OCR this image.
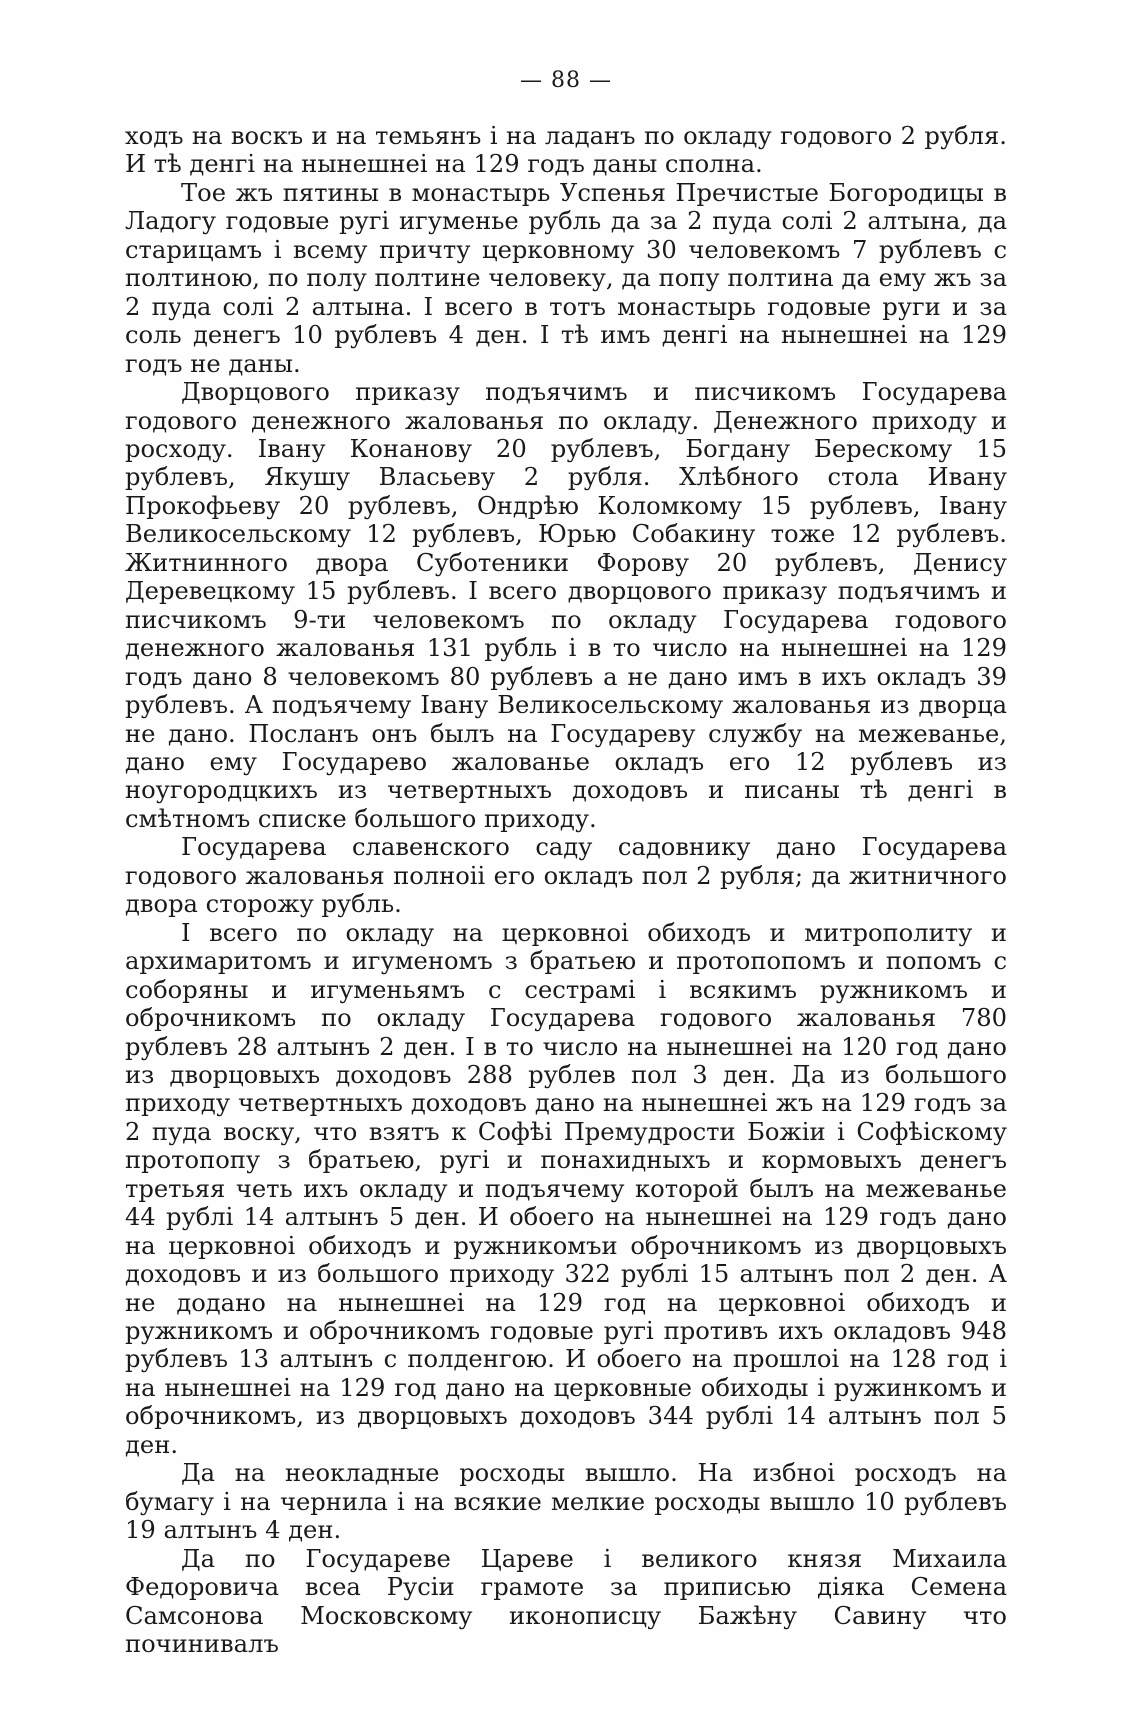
— 88 —

ходъ на воскъ и на темьянъ і на ладанъ по окладу годового 2 рубля. И тѣ денгі на нынешнеі на 129 годъ даны сполна.

Тое жъ пятины в монастырь Успенья Пречистые Богородицы в Ладогу годовые ругі игуменье рубль да за 2 пуда солі 2 алтына, да старицамъ і всему причту церковному 30 человекомъ 7 рублевъ с полтиною, по полу полтине человеку, да попу полтина да ему жъ за 2 пуда солі 2 алтына. І всего в тотъ монастырь годовые руги и за соль денегъ 10 рублевъ 4 ден. І тѣ имъ денгі на нынешнеі на 129 годъ не даны.

Дворцового приказу подъячимъ и писчикомъ Государева годового денежного жалованья по окладу. Денежного приходу и росходу. Івану Конанову 20 рублевъ, Богдану Берескому 15 рублевъ, Якушу Власьеву 2 рубля. Хлѣбного стола Ивану Прокофьеву 20 рублевъ, Ондрѣю Коломкому 15 рублевъ, Івану Великосельскому 12 рублевъ, Юрью Собакину тоже 12 рублевъ. Житнинного двора Суботеники Форову 20 рублевъ, Денису Деревецкому 15 рублевъ. І всего дворцового приказу подъячимъ и писчикомъ 9-ти человекомъ по окладу Государева годового денежного жалованья 131 рубль і в то число на нынешнеі на 129 годъ дано 8 человекомъ 80 рублевъ а не дано имъ в ихъ окладъ 39 рублевъ. А подъячему Івану Великосельскому жалованья из дворца не дано. Посланъ онъ былъ на Государеву службу на межеванье, дано ему Государево жалованье окладъ его 12 рублевъ из ноугородцкихъ из четвертныхъ доходовъ и писаны тѣ денгі в смѣтномъ списке большого приходу.

Государева славенского саду садовнику дано Государева годового жалованья полноіі его окладъ пол 2 рубля; да житничного двора сторожу рубль.

І всего по окладу на церковноі обиходъ и митрополиту и архимаритомъ и игуменомъ з братьею и протопопомъ и попомъ с соборяны и игуменьямъ с сестрамі і всякимъ ружникомъ и оброчникомъ по окладу Государева годового жалованья 780 рублевъ 28 алтынъ 2 ден. І в то число на нынешнеі на 120 год дано из дворцовыхъ доходовъ 288 рублев пол 3 ден. Да из большого приходу четвертныхъ доходовъ дано на нынешнеі жъ на 129 годъ за 2 пуда воску, что взятъ к Софѣі Премудрости Божіи і Софѣіскому протопопу з братьею, ругі и понахидныхъ и кормовыхъ денегъ третьяя четь ихъ окладу и подъячему которой былъ на межеванье 44 рублі 14 алтынъ 5 ден. И обоего на нынешнеі на 129 годъ дано на церковноі обиходъ и ружникомъи оброчникомъ из дворцовыхъ доходовъ и из большого приходу 322 рублі 15 алтынъ пол 2 ден. А не додано на нынешнеі на 129 год на церковноі обиходъ и ружникомъ и оброчникомъ годовые ругі противъ ихъ окладовъ 948 рублевъ 13 алтынъ с полденгою. И обоего на прошлоі на 128 год і на нынешнеі на 129 год дано на церковные обиходы і ружинкомъ и оброчникомъ, из дворцовыхъ доходовъ 344 рублі 14 алтынъ пол 5 ден.

Да на неокладные росходы вышло. На избноі росходъ на бумагу і на чернила і на всякие мелкие росходы вышло 10 рублевъ 19 алтынъ 4 ден.

Да по Государеве Цареве і великого князя Михаила Федоровича всеа Русіи грамоте за приписью діяка Семена Самсонова Московскому иконописцу Бажѣну Савину что починивалъ
